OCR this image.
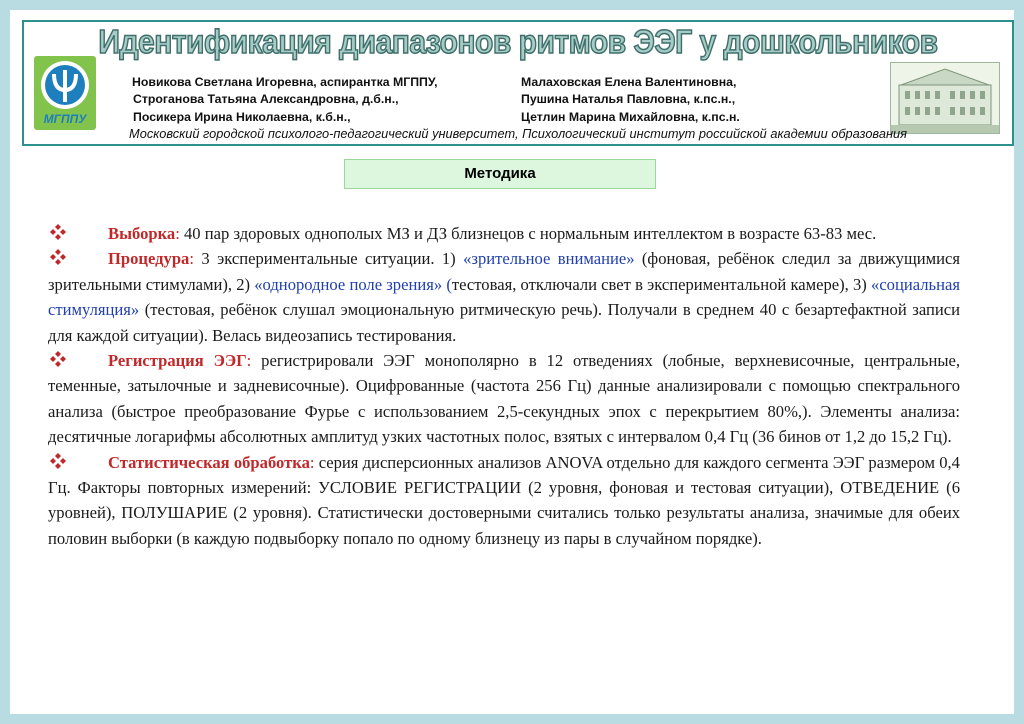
Идентификация диапазонов ритмов ЭЭГ у дошкольников
МГППУ
Новикова Светлана Игоревна, аспирантка МГППУ,
Строганова Татьяна Александровна, д.б.н.,
Посикера Ирина Николаевна, к.б.н.,
Малаховская Елена Валентиновна,
Пушина Наталья Павловна, к.пс.н.,
Цетлин Марина Михайловна, к.пс.н.
Московский городской психолого-педагогический университет, Психологический институт российской академии образования
Методика

Выборка: 40 пар здоровых однополых МЗ и ДЗ близнецов с нормальным интеллектом в возрасте 63-83 мес.

Процедура: 3 экспериментальные ситуации. 1) «зрительное внимание» (фоновая, ребёнок следил за движущимися зрительными стимулами), 2) «однородное поле зрения» (тестовая, отключали свет в экспериментальной камере), 3) «социальная стимуляция» (тестовая, ребёнок слушал эмоциональную ритмическую речь). Получали в среднем 40 с безартефактной записи для каждой ситуации). Велась видеозапись тестирования.

Регистрация ЭЭГ: регистрировали ЭЭГ монополярно в 12 отведениях (лобные, верхневисочные, центральные, теменные, затылочные и задневисочные). Оцифрованные (частота 256 Гц) данные анализировали с помощью спектрального анализа (быстрое преобразование Фурье с использованием 2,5-секундных эпох с перекрытием 80%,). Элементы анализа: десятичные логарифмы абсолютных амплитуд узких частотных полос, взятых с интервалом 0,4 Гц (36 бинов от 1,2 до 15,2 Гц).

Статистическая обработка: серия дисперсионных анализов ANOVA отдельно для каждого сегмента ЭЭГ размером 0,4 Гц. Факторы повторных измерений: УСЛОВИЕ РЕГИСТРАЦИИ (2 уровня, фоновая и тестовая ситуации), ОТВЕДЕНИЕ (6 уровней), ПОЛУШАРИЕ (2 уровня). Статистически достоверными считались только результаты анализа, значимые для обеих половин выборки (в каждую подвыборку попало по одному близнецу из пары в случайном порядке).
